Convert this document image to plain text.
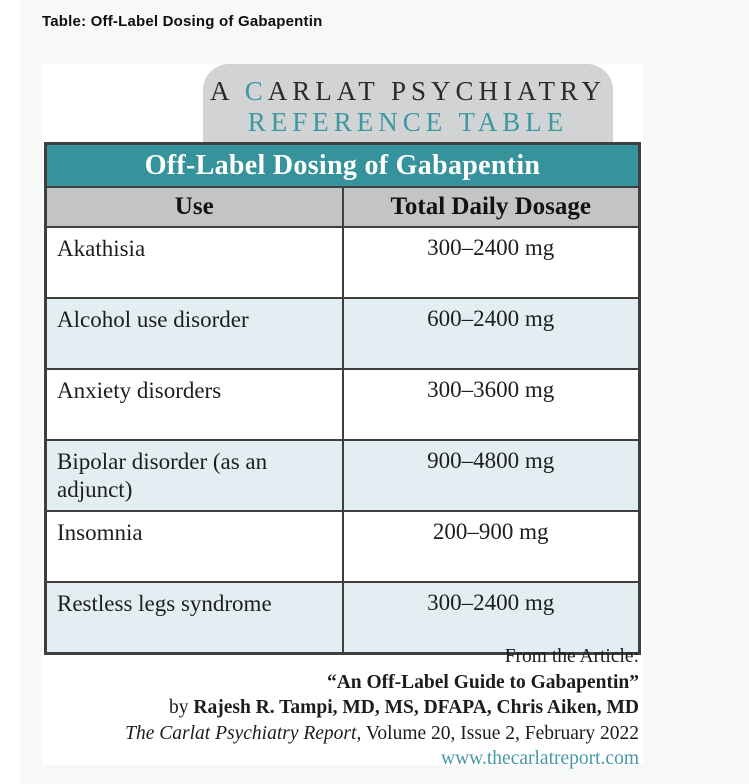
Table: Off-Label Dosing of Gabapentin
A CARLAT PSYCHIATRY
REFERENCE TABLE
Off-Label Dosing of Gabapentin	
Use	Total Daily Dosage
Akathisia	300–2400 mg
Alcohol use disorder	600–2400 mg
Anxiety disorders	300–3600 mg
Bipolar disorder (as an adjunct)	900–4800 mg
Insomnia	200–900 mg
Restless legs syndrome	300–2400 mg
From the Article:
“An Off-Label Guide to Gabapentin”
by Rajesh R. Tampi, MD, MS, DFAPA, Chris Aiken, MD
The Carlat Psychiatry Report, Volume 20, Issue 2, February 2022
www.thecarlatreport.com
